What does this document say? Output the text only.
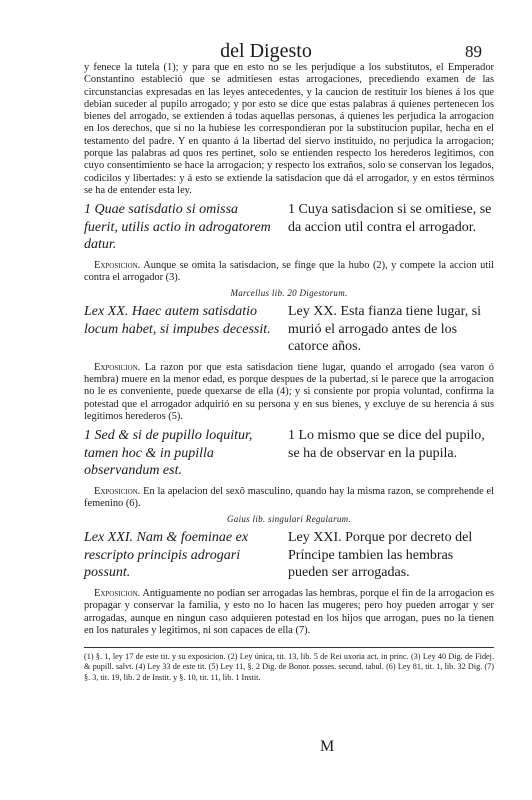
del Digesto	89

y fenece la tutela (1); y para que en esto no se les perjudique a los substitutos, el Emperador Constantino estableció que se admitiesen estas arrogaciones, precediendo examen de las circunstancias expresadas en las leyes antecedentes, y la caucion de restituir los bienes á los que debian suceder al pupilo arrogado; y por esto se dice que estas palabras á quienes pertenecen los bienes del arrogado, se extienden á todas aquellas personas, á quienes les perjudica la arrogacion en los derechos, que si no la hubiese les correspondieran por la substitucion pupilar, hecha en el testamento del padre. Y en quanto á la libertad del siervo instituido, no perjudica la arrogacion; porque las palabras ad quos res pertinet, solo se entienden respecto los herederos legitimos, con cuyo consentimiento se hace la arrogacion; y respecto los extraños, solo se conservan los legados, codicilos y libertades: y á esto se extiende la satisdacion que dá el arrogador, y en estos términos se ha de entender esta ley.

1 Quae satisdatio si omissa fuerit, utilis actio in adrogatorem datur.

1 Cuya satisdacion si se omitiese, se da accion util contra el arrogador.

Exposicion. Aunque se omita la satisdacion, se finge que la hubo (2), y compete la accion util contra el arrogador (3).

Marcellus lib. 20 Digestorum.

Lex XX. Haec autem satisdatio locum habet, si impubes decessit.

Ley XX. Esta fianza tiene lugar, si murió el arrogado antes de los catorce años.

Exposicion. La razon por que esta satisdacion tiene lugar, quando el arrogado (sea varon ó hembra) muere en la menor edad, es porque despues de la pubertad, si le parece que la arrogacion no le es conveniente, puede quexarse de ella (4); y si consiente por propia voluntad, confirma la potestad que el arrogador adquirió en su persona y en sus bienes, y excluye de su herencia á sus legitimos herederos (5).

1 Sed & si de pupillo loquitur, tamen hoc & in pupilla observandum est.

1 Lo mismo que se dice del pupilo, se ha de observar en la pupila.

Exposicion. En la apelacion del sexô masculino, quando hay la misma razon, se comprehende el femenino (6).

Gaius lib. singulari Regularum.

Lex XXI. Nam & foeminae ex rescripto principis adrogari possunt.

Ley XXI. Porque por decreto del Príncipe tambien las hembras pueden ser arrogadas.

Exposicion. Antiguamente no podian ser arrogadas las hembras, porque el fin de la arrogacion es propagar y conservar la familia, y esto no lo hacen las mugeres; pero hoy pueden arrogar y ser arrogadas, aunque en ningun caso adquieren potestad en los hijos que arrogan, pues no la tienen en los naturales y legitimos, ni son capaces de ella (7).

(1) §. 1, ley 17 de este tit. y su exposicion. (2) Ley única, tit. 13, lib. 5 de Rei uxoria act. in princ. (3) Ley 40 Dig. de Fidej. & pupill. salvt. (4) Ley 33 de este tit. (5) Ley 11, §. 2 Dig. de Bonor. posses. secund. tabul. (6) Ley 81, tit. 1, lib. 32 Dig. (7) §. 3, tit. 19, lib. 2 de Instit. y §. 10, tit. 11, lib. 1 Instit.

M
